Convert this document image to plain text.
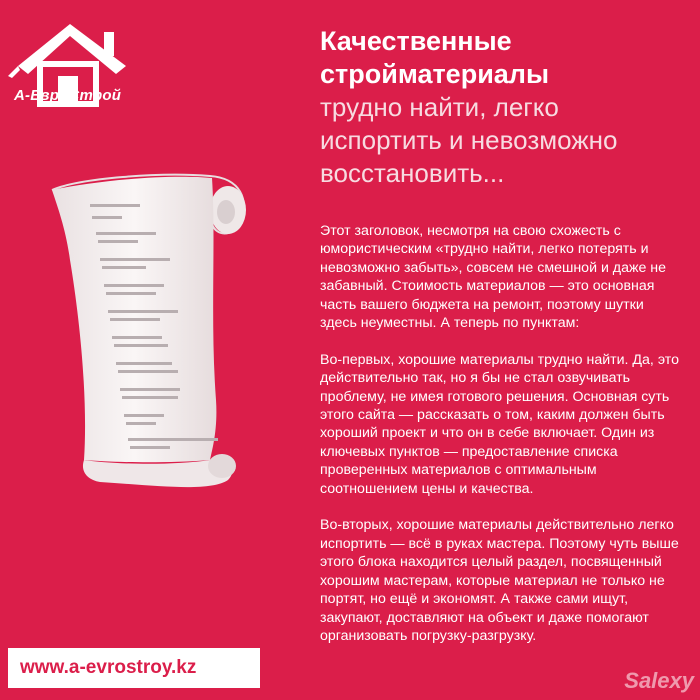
А-ЕвроСтрой

Качественные

стройматериалы

трудно найти, легко

испортить и невозможно

восстановить...

Этот заголовок, несмотря на свою схожесть с юмористическим «трудно найти, легко потерять и невозможно забыть», совсем не смешной и даже не забавный. Стоимость материалов — это основная часть вашего бюджета на ремонт, поэтому шутки здесь неуместны. А теперь по пунктам:

Во-первых, хорошие материалы трудно найти. Да, это действительно так, но я бы не стал озвучивать проблему, не имея готового решения. Основная суть этого сайта — рассказать о том, каким должен быть хороший проект и что он в себе включает. Один из ключевых пунктов — предоставление списка проверенных материалов с оптимальным соотношением цены и качества.

Во-вторых, хорошие материалы действительно легко испортить — всё в руках мастера. Поэтому чуть выше этого блока находится целый раздел, посвященный хорошим мастерам, которые материал не только не портят, но ещё и экономят. А также сами ищут, закупают, доставляют на объект и даже помогают организовать погрузку-разгрузку.

www.a-evrostroy.kz
Salexy
